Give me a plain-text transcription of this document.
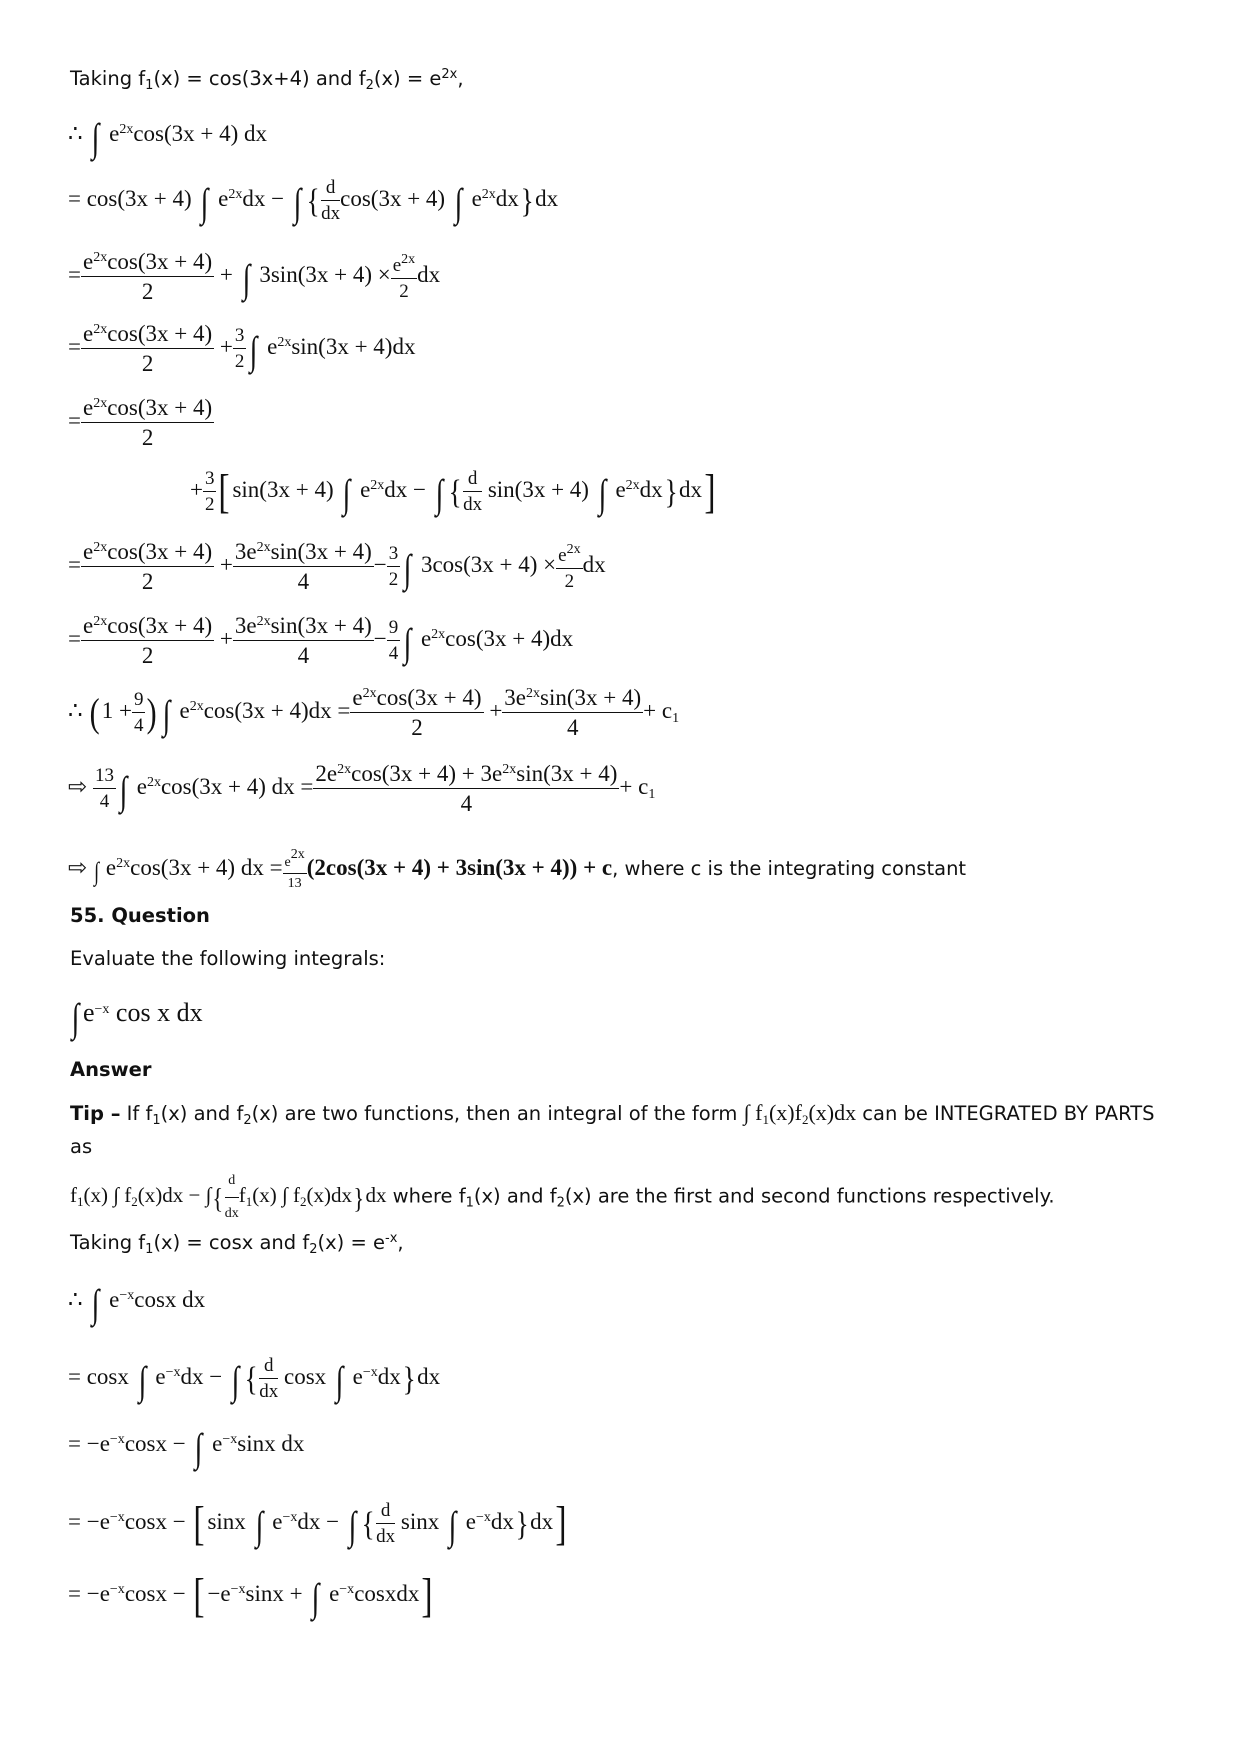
Taking $f_1(x) = \cos(3x+4)$ and $f_2(x) = e^{2x}$,
∴ ∫ $e^{2x}\cos(3x + 4)$ dx
= cos(3x + 4) ∫ $e^{2x}dx$ − ∫ { $\frac{d}{dx} \cos(3x + 4)$ ∫ $e^{2x}dx\}dx$
= $\frac{e^{2x}\cos(3x + 4)}{2}$ + ∫ $3\sin(3x + 4) \times \frac{e^{2x}}{2}$ dx
= $\frac{e^{2x}\cos(3x + 4)}{2} + \frac{3}{2}$ ∫ $e^{2x}\sin(3x + 4)dx$
= $\frac{e^{2x}\cos(3x + 4)}{2}$
+ $\frac{3}{2}$ [ sin(3x + 4) ∫ $e^{2x}dx$ − ∫ { $\frac{d}{dx} \sin(3x + 4)$ ∫ $e^{2x}dx\}dx$]
= $\frac{e^{2x}\cos(3x + 4)}{2} + \frac{3e^{2x}\sin(3x + 4)}{4} - \frac{3}{2}$ ∫ $3\cos(3x + 4) \times \frac{e^{2x}}{2}$ dx
= $\frac{e^{2x}\cos(3x + 4)}{2} + \frac{3e^{2x}\sin(3x + 4)}{4} - \frac{9}{4}$ ∫ $e^{2x}\cos(3x + 4)dx$
∴ ($1 + \frac{9}{4}$ ) ∫ $e^{2x}\cos(3x + 4)dx = \frac{e^{2x}\cos(3x + 4)}{2} + \frac{3e^{2x}\sin(3x + 4)}{4} + c_1$
⇨ $\frac{13}{4}$ ∫ $e^{2x}\cos(3x + 4)$ dx = $\frac{2e^{2x}\cos(3x + 4) + 3e^{2x}\sin(3x + 4)}{4} + c_1$
⇨ ∫ $e^{2x}\cos(3x + 4)$ dx = $\frac{e^{2x}}{13} (2\cos(3x + 4) + 3\sin(3x + 4)) + c$, where c is the integrating constant
55. Question
Evaluate the following integrals:
∫ $e^{-x}$ cos x dx
Answer
Tip – If $f_1(x)$ and $f_2(x)$ are two functions, then an integral of the form ∫ $f_1(x)f_2(x)dx$ can be INTEGRATED BY PARTS as
$f_1(x)$ ∫ $f_2(x)dx$ − ∫{ $\frac{d}{dx} f_1(x)$ ∫ $f_2(x)dx\}dx$ where $f_1(x)$ and $f_2(x)$ are the first and second functions respectively.
Taking $f_1(x) = \cos x$ and $f_2(x) = e^{-x}$,
∴ ∫ $e^{-x}\cos x$ dx
= cosx ∫ $e^{-x}dx$ − ∫ { $\frac{d}{dx}$ cosx ∫ $e^{-x}dx\}dx$
= $-e^{-x}\cos x$ − ∫ $e^{-x}\sin x$ dx
= $-e^{-x}\cos x$ − [ sinx ∫ $e^{-x}dx$ − ∫ { $\frac{d}{dx}$ sinx ∫ $e^{-x}dx\}dx$]
= $-e^{-x}\cos x$ − [ $-e^{-x}\sin x$ + ∫ $e^{-x}cosxdx$]
